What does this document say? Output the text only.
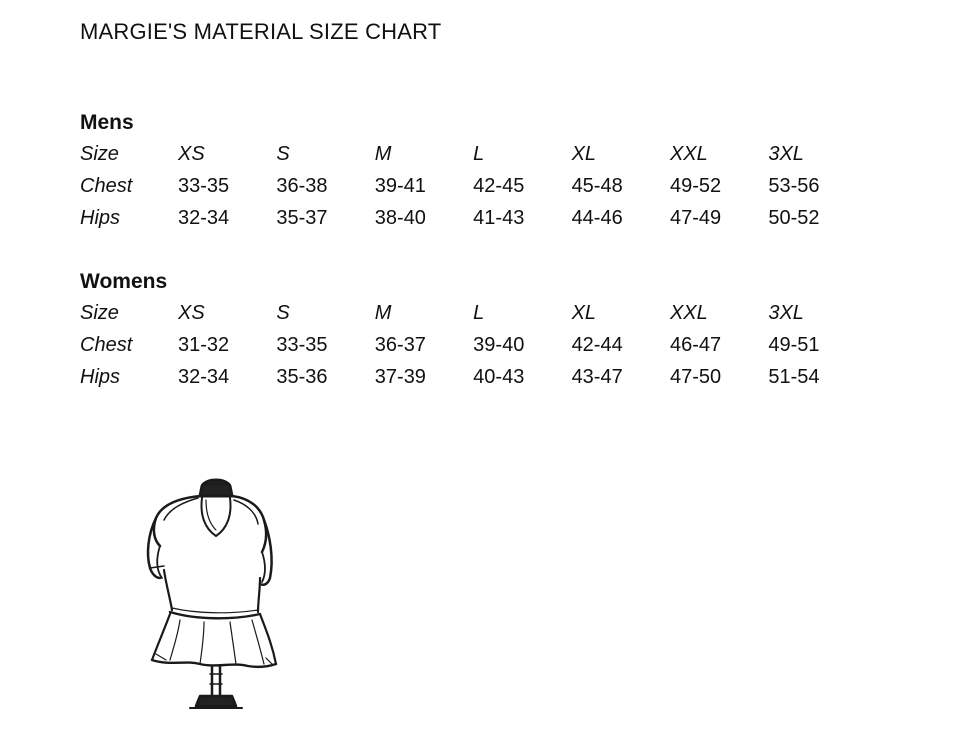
MARGIE'S MATERIAL SIZE CHART
Mens
Size	XS	S	M	L	XL	XXL	3XL
Chest	33-35	36-38	39-41	42-45	45-48	49-52	53-56
Hips	32-34	35-37	38-40	41-43	44-46	47-49	50-52
Womens
Size	XS	S	M	L	XL	XXL	3XL
Chest	31-32	33-35	36-37	39-40	42-44	46-47	49-51
Hips	32-34	35-36	37-39	40-43	43-47	47-50	51-54
